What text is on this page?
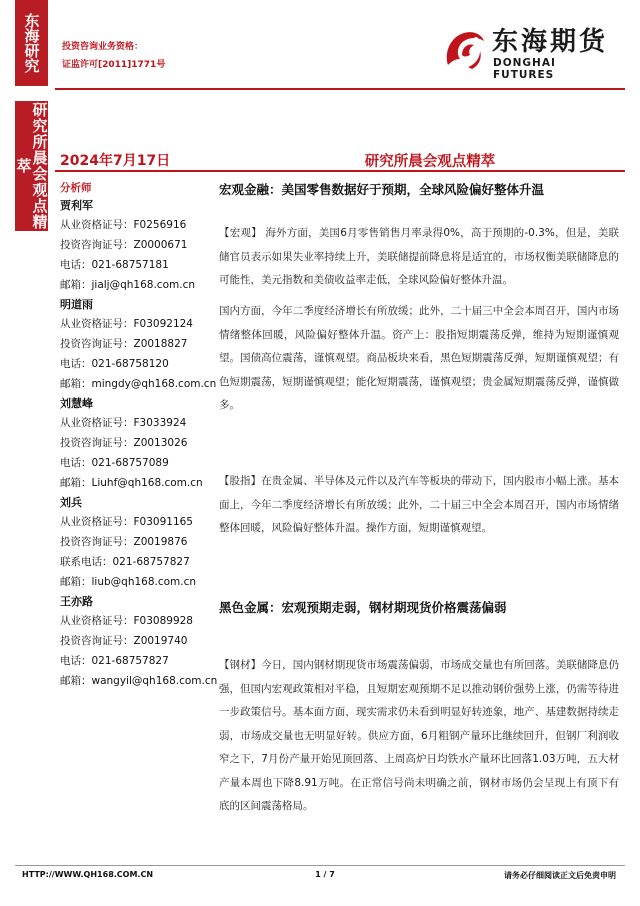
东海研究
研究所晨会观点精萃
投资咨询业务资格：
证监许可[2011]1771号
东海期货
DONGHAI FUTURES
2024年7月17日	研究所晨会观点精萃
分析师
贾利军
从业资格证号：F0256916
投资咨询证号：Z0000671
电话：021-68757181
邮箱：jialj@qh168.com.cn
明道雨
从业资格证号：F03092124
投资咨询证号：Z0018827
电话：021-68758120
邮箱：mingdy@qh168.com.cn
刘慧峰
从业资格证号：F3033924
投资咨询证号：Z0013026
电话：021-68757089
邮箱：Liuhf@qh168.com.cn
刘兵
从业资格证号：F03091165
投资咨询证号：Z0019876
联系电话：021-68757827
邮箱：liub@qh168.com.cn
王亦路
从业资格证号：F03089928
投资咨询证号：Z0019740
电话：021-68757827
邮箱：wangyil@qh168.com.cn
宏观金融：美国零售数据好于预期，全球风险偏好整体升温

【宏观】 海外方面，美国6月零售销售月率录得0%，高于预期的-0.3%，但是，美联储官员表示如果失业率持续上升，美联储提前降息将是适宜的，市场权衡美联储降息的可能性，美元指数和美债收益率走低，全球风险偏好整体升温。

国内方面，今年二季度经济增长有所放缓；此外，二十届三中全会本周召开，国内市场情绪整体回暖，风险偏好整体升温。资产上：股指短期震荡反弹，维持为短期谨慎观望。国债高位震荡，谨慎观望。商品板块来看，黑色短期震荡反弹，短期谨慎观望；有色短期震荡，短期谨慎观望；能化短期震荡，谨慎观望；贵金属短期震荡反弹，谨慎做多。

【股指】在贵金属、半导体及元件以及汽车等板块的带动下，国内股市小幅上涨。基本面上，今年二季度经济增长有所放缓；此外，二十届三中全会本周召开，国内市场情绪整体回暖，风险偏好整体升温。操作方面，短期谨慎观望。

黑色金属：宏观预期走弱，钢材期现货价格震荡偏弱

【钢材】今日，国内钢材期现货市场震荡偏弱，市场成交量也有所回落。美联储降息仍强，但国内宏观政策相对平稳，且短期宏观预期不足以推动钢价强势上涨，仍需等待进一步政策信号。基本面方面，现实需求仍未看到明显好转迹象，地产、基建数据持续走弱，市场成交量也无明显好转。供应方面，6月粗钢产量环比继续回升，但钢厂利润收窄之下，7月份产量开始见顶回落、上周高炉日均铁水产量环比回落1.03万吨，五大材产量本周也下降8.91万吨。在正常信号尚未明确之前，钢材市场仍会呈现上有顶下有底的区间震荡格局。

HTTP://WWW.QH168.COM.CN	1 / 7	请务必仔细阅读正文后免责申明
